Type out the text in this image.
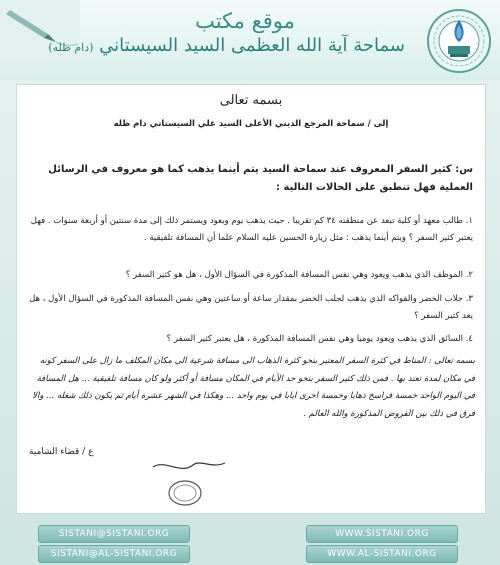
موقع مكتب
سماحة آية الله العظمى السيد السيستاني (دام ظله)
بسمه تعالى
إلى / سماحة المرجع الديني الأعلى السيد علي السيستاني دام ظله
س: كثير السفر المعروف عند سماحة السيد يتم أينما يذهب كما هو معروف في الرسائل العملية فهل تنطبق على الحالات التالية :
١. طالب معهد أو كلية تبعد عن منطقته ٣٤ كم تقريبا . حيث يذهب يوم ويعود ويستمر ذلك إلى مدة سنتين أو أربعة سنوات . فهل يعتبر كثير السفر ؟ ويتم أينما يذهب : مثل زيارة الحسين عليه السلام علما أن المسافة تلفيقية .
٢. الموظف الذي يذهب ويعود وهي نفس المسافة المذكورة في السؤال الأول ، هل هو كثير السفر ؟
٣. جلاب الخضر والفواكه الذي يذهب لجلب الخضر بمقدار ساعة أو ساعتين وهي نفس المسافة المذكورة في السؤال الأول ، هل يعد كثير السفر ؟
٤. السائق الذي يذهب ويعود يوميا وهي نفس المسافة المذكورة ، هل يعتبر كثير السفر ؟
بسمه تعالى : المناط في كثرة السفر المعتبر بنحو كثرة الذهاب الى مسافة شرعية الى مكان المكلف ما زال على السفر كونه في مكان لمدة تعتد بها . فمن ذلك كثير السفر بنحو حد الأيام في المكان مسافة أو أكثر ولو كان مسافة تلفيقية ... هل المسافة في اليوم الواحد خمسة فراسخ ذهابا وخمسة اخرى ايابا في يوم واحد ... وهكذا في الشهر عشرة أيام ثم يكون ذلك شغله ... والا فرق في ذلك بين الفروض المذكورة والله العالم .
ع / قضاء الشامية
SISTANI@SISTANI.ORG
SISTANI@AL-SISTANI.ORG
WWW.SISTANI.ORG
WWW.AL-SISTANI.ORG
